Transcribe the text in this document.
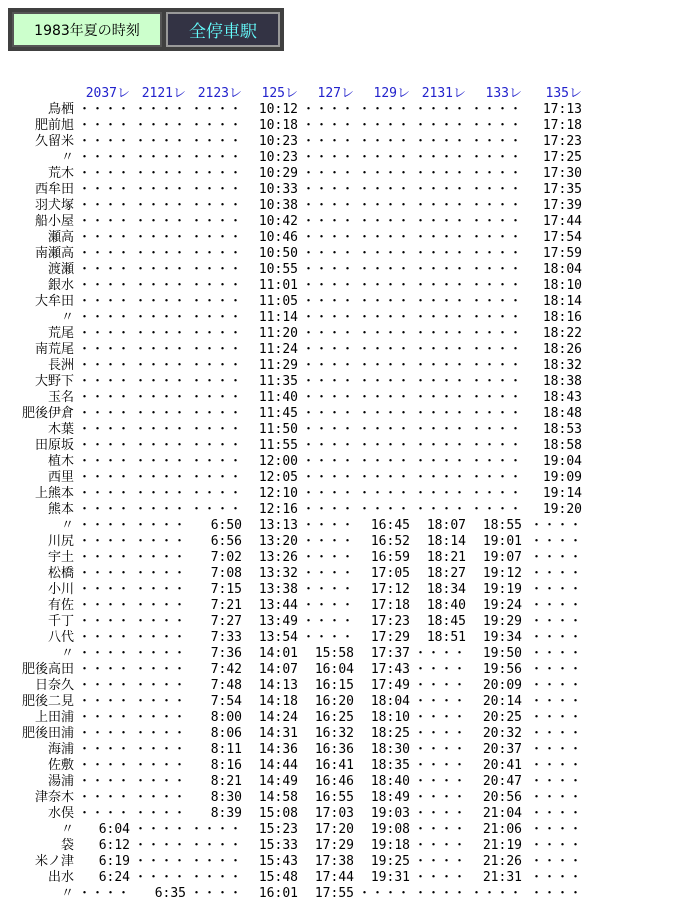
1983年夏の時刻	全停車駅
	2037レ	2121レ	2123レ	125レ	127レ	129レ	2131レ	133レ	135レ
鳥栖	・・・・	・・・・	・・・・	10:12	・・・・	・・・・	・・・・	・・・・	17:13
肥前旭	・・・・	・・・・	・・・・	10:18	・・・・	・・・・	・・・・	・・・・	17:18
久留米	・・・・	・・・・	・・・・	10:23	・・・・	・・・・	・・・・	・・・・	17:23
〃	・・・・	・・・・	・・・・	10:23	・・・・	・・・・	・・・・	・・・・	17:25
荒木	・・・・	・・・・	・・・・	10:29	・・・・	・・・・	・・・・	・・・・	17:30
西牟田	・・・・	・・・・	・・・・	10:33	・・・・	・・・・	・・・・	・・・・	17:35
羽犬塚	・・・・	・・・・	・・・・	10:38	・・・・	・・・・	・・・・	・・・・	17:39
船小屋	・・・・	・・・・	・・・・	10:42	・・・・	・・・・	・・・・	・・・・	17:44
瀬高	・・・・	・・・・	・・・・	10:46	・・・・	・・・・	・・・・	・・・・	17:54
南瀬高	・・・・	・・・・	・・・・	10:50	・・・・	・・・・	・・・・	・・・・	17:59
渡瀬	・・・・	・・・・	・・・・	10:55	・・・・	・・・・	・・・・	・・・・	18:04
銀水	・・・・	・・・・	・・・・	11:01	・・・・	・・・・	・・・・	・・・・	18:10
大牟田	・・・・	・・・・	・・・・	11:05	・・・・	・・・・	・・・・	・・・・	18:14
〃	・・・・	・・・・	・・・・	11:14	・・・・	・・・・	・・・・	・・・・	18:16
荒尾	・・・・	・・・・	・・・・	11:20	・・・・	・・・・	・・・・	・・・・	18:22
南荒尾	・・・・	・・・・	・・・・	11:24	・・・・	・・・・	・・・・	・・・・	18:26
長洲	・・・・	・・・・	・・・・	11:29	・・・・	・・・・	・・・・	・・・・	18:32
大野下	・・・・	・・・・	・・・・	11:35	・・・・	・・・・	・・・・	・・・・	18:38
玉名	・・・・	・・・・	・・・・	11:40	・・・・	・・・・	・・・・	・・・・	18:43
肥後伊倉	・・・・	・・・・	・・・・	11:45	・・・・	・・・・	・・・・	・・・・	18:48
木葉	・・・・	・・・・	・・・・	11:50	・・・・	・・・・	・・・・	・・・・	18:53
田原坂	・・・・	・・・・	・・・・	11:55	・・・・	・・・・	・・・・	・・・・	18:58
植木	・・・・	・・・・	・・・・	12:00	・・・・	・・・・	・・・・	・・・・	19:04
西里	・・・・	・・・・	・・・・	12:05	・・・・	・・・・	・・・・	・・・・	19:09
上熊本	・・・・	・・・・	・・・・	12:10	・・・・	・・・・	・・・・	・・・・	19:14
熊本	・・・・	・・・・	・・・・	12:16	・・・・	・・・・	・・・・	・・・・	19:20
〃	・・・・	・・・・	6:50	13:13	・・・・	16:45	18:07	18:55	・・・・
川尻	・・・・	・・・・	6:56	13:20	・・・・	16:52	18:14	19:01	・・・・
宇土	・・・・	・・・・	7:02	13:26	・・・・	16:59	18:21	19:07	・・・・
松橋	・・・・	・・・・	7:08	13:32	・・・・	17:05	18:27	19:12	・・・・
小川	・・・・	・・・・	7:15	13:38	・・・・	17:12	18:34	19:19	・・・・
有佐	・・・・	・・・・	7:21	13:44	・・・・	17:18	18:40	19:24	・・・・
千丁	・・・・	・・・・	7:27	13:49	・・・・	17:23	18:45	19:29	・・・・
八代	・・・・	・・・・	7:33	13:54	・・・・	17:29	18:51	19:34	・・・・
〃	・・・・	・・・・	7:36	14:01	15:58	17:37	・・・・	19:50	・・・・
肥後高田	・・・・	・・・・	7:42	14:07	16:04	17:43	・・・・	19:56	・・・・
日奈久	・・・・	・・・・	7:48	14:13	16:15	17:49	・・・・	20:09	・・・・
肥後二見	・・・・	・・・・	7:54	14:18	16:20	18:04	・・・・	20:14	・・・・
上田浦	・・・・	・・・・	8:00	14:24	16:25	18:10	・・・・	20:25	・・・・
肥後田浦	・・・・	・・・・	8:06	14:31	16:32	18:25	・・・・	20:32	・・・・
海浦	・・・・	・・・・	8:11	14:36	16:36	18:30	・・・・	20:37	・・・・
佐敷	・・・・	・・・・	8:16	14:44	16:41	18:35	・・・・	20:41	・・・・
湯浦	・・・・	・・・・	8:21	14:49	16:46	18:40	・・・・	20:47	・・・・
津奈木	・・・・	・・・・	8:30	14:58	16:55	18:49	・・・・	20:56	・・・・
水俣	・・・・	・・・・	8:39	15:08	17:03	19:03	・・・・	21:04	・・・・
〃	6:04	・・・・	・・・・	15:23	17:20	19:08	・・・・	21:06	・・・・
袋	6:12	・・・・	・・・・	15:33	17:29	19:18	・・・・	21:19	・・・・
米ノ津	6:19	・・・・	・・・・	15:43	17:38	19:25	・・・・	21:26	・・・・
出水	6:24	・・・・	・・・・	15:48	17:44	19:31	・・・・	21:31	・・・・
〃	・・・・	6:35	・・・・	16:01	17:55	・・・・	・・・・	・・・・	・・・・
